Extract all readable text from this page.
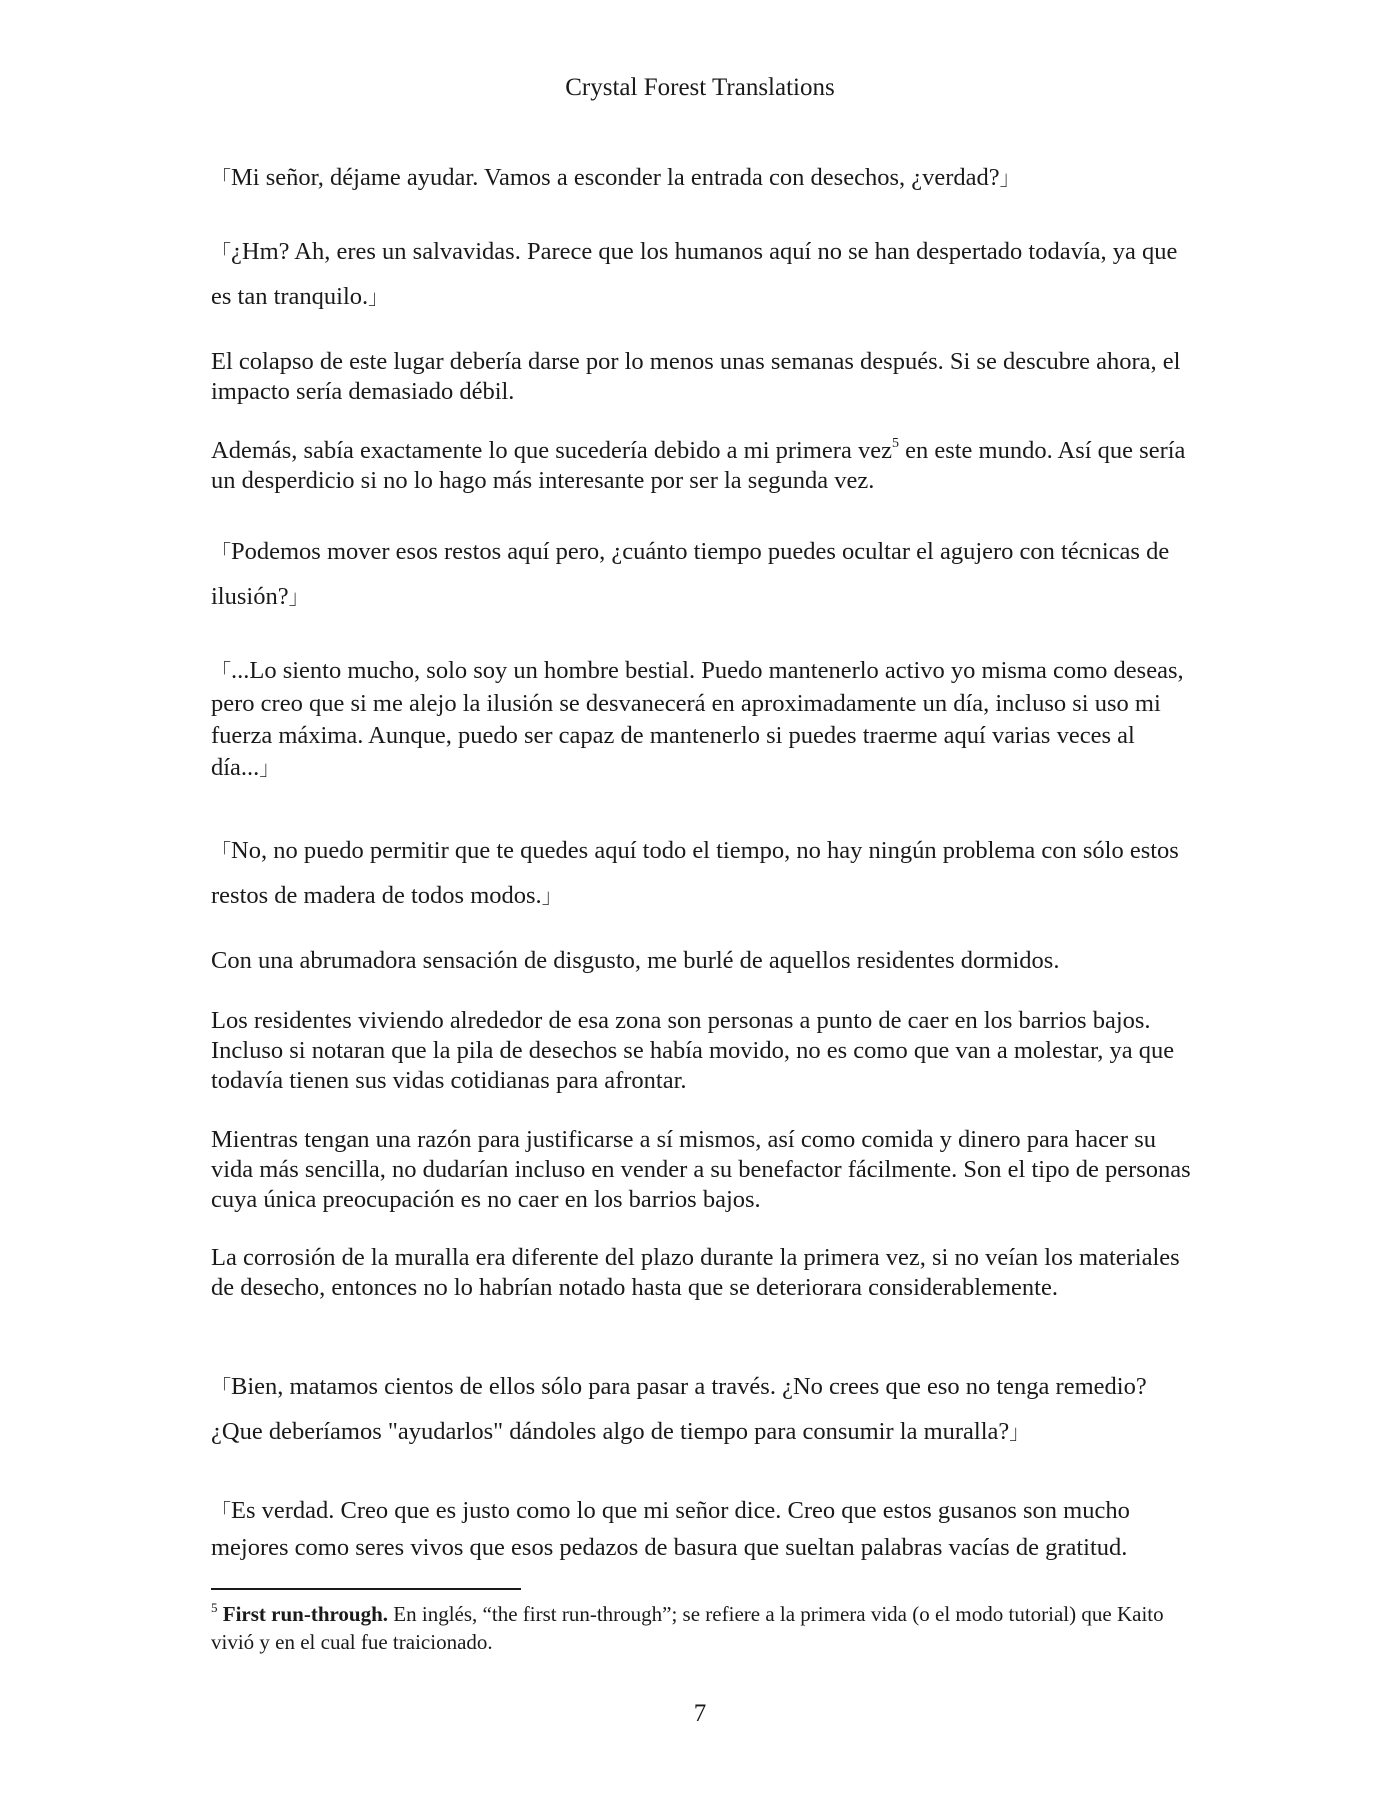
Crystal Forest Translations

「Mi señor, déjame ayudar. Vamos a esconder la entrada con desechos, ¿verdad?」

「¿Hm? Ah, eres un salvavidas. Parece que los humanos aquí no se han despertado todavía, ya que es tan tranquilo.」

El colapso de este lugar debería darse por lo menos unas semanas después. Si se descubre ahora, el impacto sería demasiado débil.

Además, sabía exactamente lo que sucedería debido a mi primera vez$^5$ en este mundo. Así que sería un desperdicio si no lo hago más interesante por ser la segunda vez.

「Podemos mover esos restos aquí pero, ¿cuánto tiempo puedes ocultar el agujero con técnicas de ilusión?」

「...Lo siento mucho, solo soy un hombre bestial. Puedo mantenerlo activo yo misma como deseas, pero creo que si me alejo la ilusión se desvanecerá en aproximadamente un día, incluso si uso mi fuerza máxima. Aunque, puedo ser capaz de mantenerlo si puedes traerme aquí varias veces al día...」

「No, no puedo permitir que te quedes aquí todo el tiempo, no hay ningún problema con sólo estos restos de madera de todos modos.」

Con una abrumadora sensación de disgusto, me burlé de aquellos residentes dormidos.

Los residentes viviendo alrededor de esa zona son personas a punto de caer en los barrios bajos. Incluso si notaran que la pila de desechos se había movido, no es como que van a molestar, ya que todavía tienen sus vidas cotidianas para afrontar.

Mientras tengan una razón para justificarse a sí mismos, así como comida y dinero para hacer su vida más sencilla, no dudarían incluso en vender a su benefactor fácilmente. Son el tipo de personas cuya única preocupación es no caer en los barrios bajos.

La corrosión de la muralla era diferente del plazo durante la primera vez, si no veían los materiales de desecho, entonces no lo habrían notado hasta que se deteriorara considerablemente.

「Bien, matamos cientos de ellos sólo para pasar a través. ¿No crees que eso no tenga remedio? ¿Que deberíamos "ayudarlos" dándoles algo de tiempo para consumir la muralla?」

「Es verdad. Creo que es justo como lo que mi señor dice. Creo que estos gusanos son mucho mejores como seres vivos que esos pedazos de basura que sueltan palabras vacías de gratitud.

$^5$ First run-through. En inglés, “the first run-through”; se refiere a la primera vida (o el modo tutorial) que Kaito vivió y en el cual fue traicionado.
7
